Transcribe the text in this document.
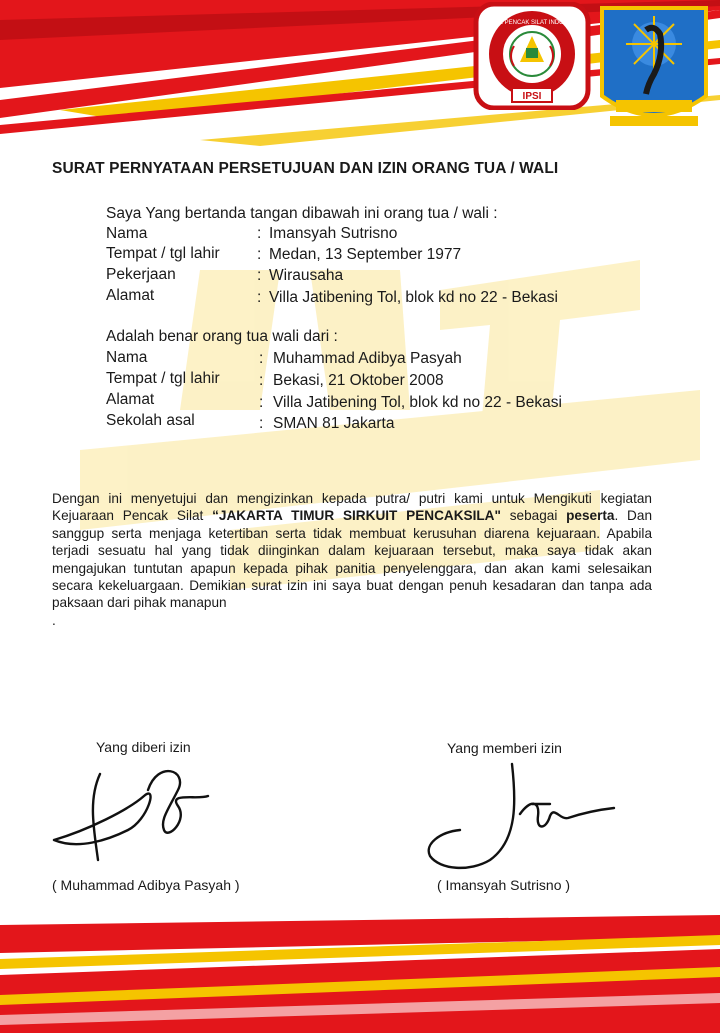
IKATAN PENCAK SILAT INDONESIA
IPSI
SURAT PERNYATAAN PERSETUJUAN DAN IZIN ORANG TUA / WALI
Saya Yang bertanda tangan dibawah ini orang tua / wali :
Nama	: Imansyah Sutrisno
Tempat / tgl lahir : Medan, 13 September 1977
Pekerjaan	: Wirausaha
Alamat	: Villa Jatibening Tol, blok kd no 22 - Bekasi
Adalah benar orang tua wali dari :
Nama	: Muhammad Adibya Pasyah
Tempat / tgl lahir	: Bekasi, 21 Oktober 2008
Alamat	: Villa Jatibening Tol, blok kd no 22 - Bekasi
Sekolah asal	: SMAN 81 Jakarta
Dengan ini menyetujui dan mengizinkan kepada putra/ putri kami untuk Mengikuti kegiatan Kejuaraan Pencak Silat “JAKARTA TIMUR SIRKUIT PENCAKSILA" sebagai peserta. Dan sanggup serta menjaga ketertiban serta tidak membuat kerusuhan diarena kejuaraan. Apabila terjadi sesuatu hal yang tidak diinginkan dalam kejuaraan tersebut, maka saya tidak akan mengajukan tuntutan apapun kepada pihak panitia penyelenggara, dan akan kami selesaikan secara kekeluargaan. Demikian surat izin ini saya buat dengan penuh kesadaran dan tanpa ada paksaan dari pihak manapun
.
Yang diberi izin
( Muhammad Adibya Pasyah )
Yang memberi izin
( Imansyah Sutrisno )
